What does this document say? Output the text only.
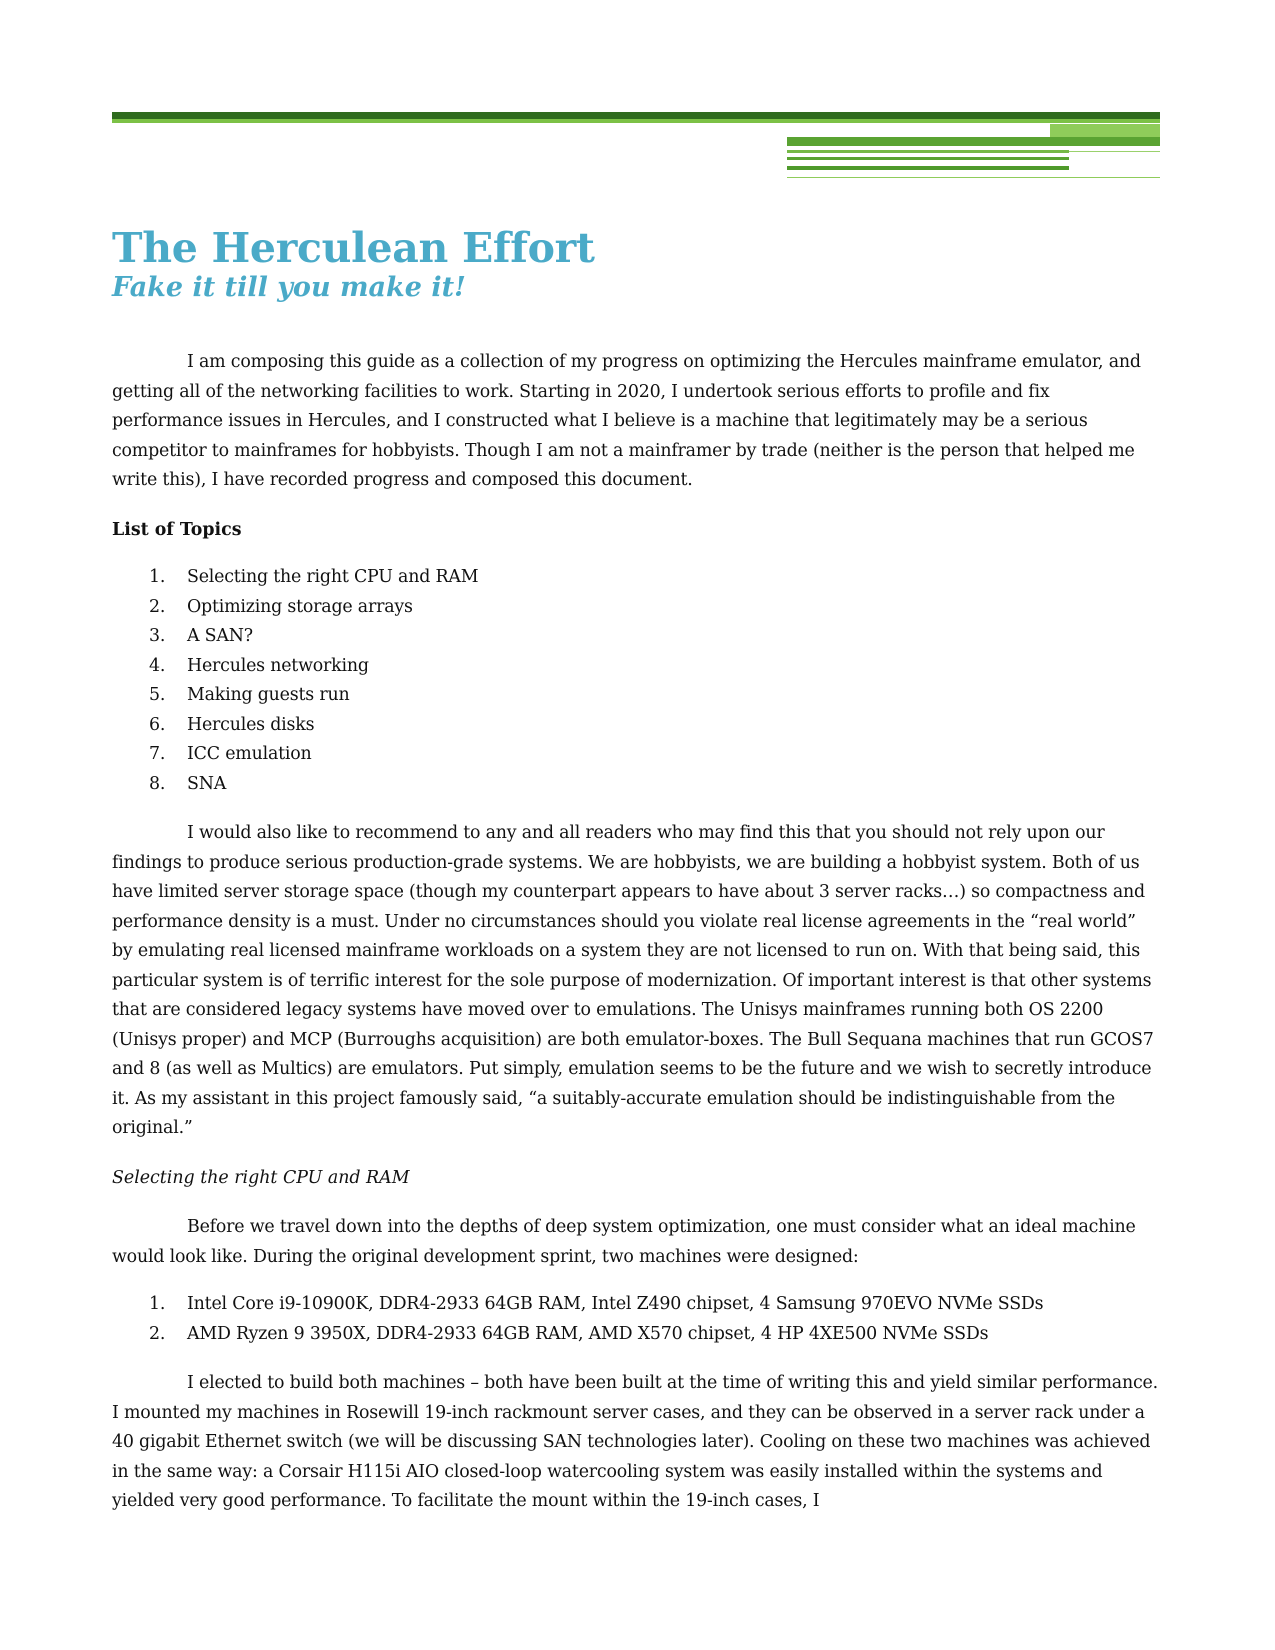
The Herculean Effort
Fake it till you make it!

I am composing this guide as a collection of my progress on optimizing the Hercules mainframe emulator, and getting all of the networking facilities to work. Starting in 2020, I undertook serious efforts to profile and fix performance issues in Hercules, and I constructed what I believe is a machine that legitimately may be a serious competitor to mainframes for hobbyists. Though I am not a mainframer by trade (neither is the person that helped me write this), I have recorded progress and composed this document.

List of Topics
1.	Selecting the right CPU and RAM
2.	Optimizing storage arrays
3.	A SAN?
4.	Hercules networking
5.	Making guests run
6.	Hercules disks
7.	ICC emulation
8.	SNA

I would also like to recommend to any and all readers who may find this that you should not rely upon our findings to produce serious production-grade systems. We are hobbyists, we are building a hobbyist system. Both of us have limited server storage space (though my counterpart appears to have about 3 server racks…) so compactness and performance density is a must. Under no circumstances should you violate real license agreements in the “real world” by emulating real licensed mainframe workloads on a system they are not licensed to run on. With that being said, this particular system is of terrific interest for the sole purpose of modernization. Of important interest is that other systems that are considered legacy systems have moved over to emulations. The Unisys mainframes running both OS 2200 (Unisys proper) and MCP (Burroughs acquisition) are both emulator-boxes. The Bull Sequana machines that run GCOS7 and 8 (as well as Multics) are emulators. Put simply, emulation seems to be the future and we wish to secretly introduce it. As my assistant in this project famously said, “a suitably-accurate emulation should be indistinguishable from the original.”

Selecting the right CPU and RAM

Before we travel down into the depths of deep system optimization, one must consider what an ideal machine would look like. During the original development sprint, two machines were designed:

1.	Intel Core i9-10900K, DDR4-2933 64GB RAM, Intel Z490 chipset, 4 Samsung 970EVO NVMe SSDs
2.	AMD Ryzen 9 3950X, DDR4-2933 64GB RAM, AMD X570 chipset, 4 HP 4XE500 NVMe SSDs

I elected to build both machines – both have been built at the time of writing this and yield similar performance. I mounted my machines in Rosewill 19-inch rackmount server cases, and they can be observed in a server rack under a 40 gigabit Ethernet switch (we will be discussing SAN technologies later). Cooling on these two machines was achieved in the same way: a Corsair H115i AIO closed-loop watercooling system was easily installed within the systems and yielded very good performance. To facilitate the mount within the 19-inch cases, I
